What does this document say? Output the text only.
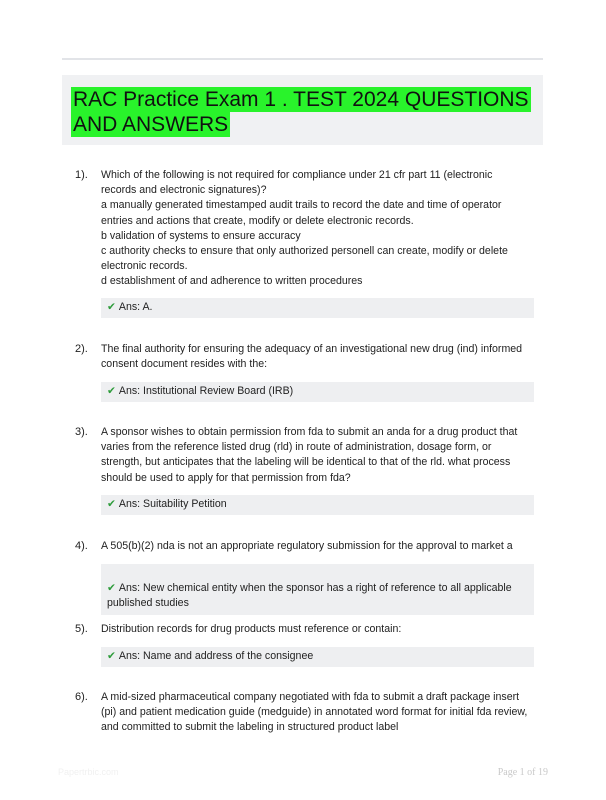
RAC Practice Exam 1 . TEST 2024 QUESTIONS AND ANSWERS
1). Which of the following is not required for compliance under 21 cfr part 11 (electronic
records and electronic signatures)?
a manually generated timestamped audit trails to record the date and time of operator
entries and actions that create, modify or delete electronic records.
b validation of systems to ensure accuracy
c authority checks to ensure that only authorized personell can create, modify or delete
electronic records.
d establishment of and adherence to written procedures
✔ Ans: A.
2). The final authority for ensuring the adequacy of an investigational new drug (ind) informed
consent document resides with the:
✔ Ans: Institutional Review Board (IRB)
3). A sponsor wishes to obtain permission from fda to submit an anda for a drug product that
varies from the reference listed drug (rld) in route of administration, dosage form, or
strength, but anticipates that the labeling will be identical to that of the rld. what process
should be used to apply for that permission from fda?
✔ Ans: Suitability Petition
4). A 505(b)(2) nda is not an appropriate regulatory submission for the approval to market a

✔ Ans: New chemical entity when the sponsor has a right of reference to all applicable
published studies

5). Distribution records for drug products must reference or contain:
✔ Ans: Name and address of the consignee
6). A mid-sized pharmaceutical company negotiated with fda to submit a draft package insert
(pi) and patient medication guide (medguide) in annotated word format for initial fda review,
and committed to submit the labeling in structured product label
Papertrbic.com	Page 1 of 19
